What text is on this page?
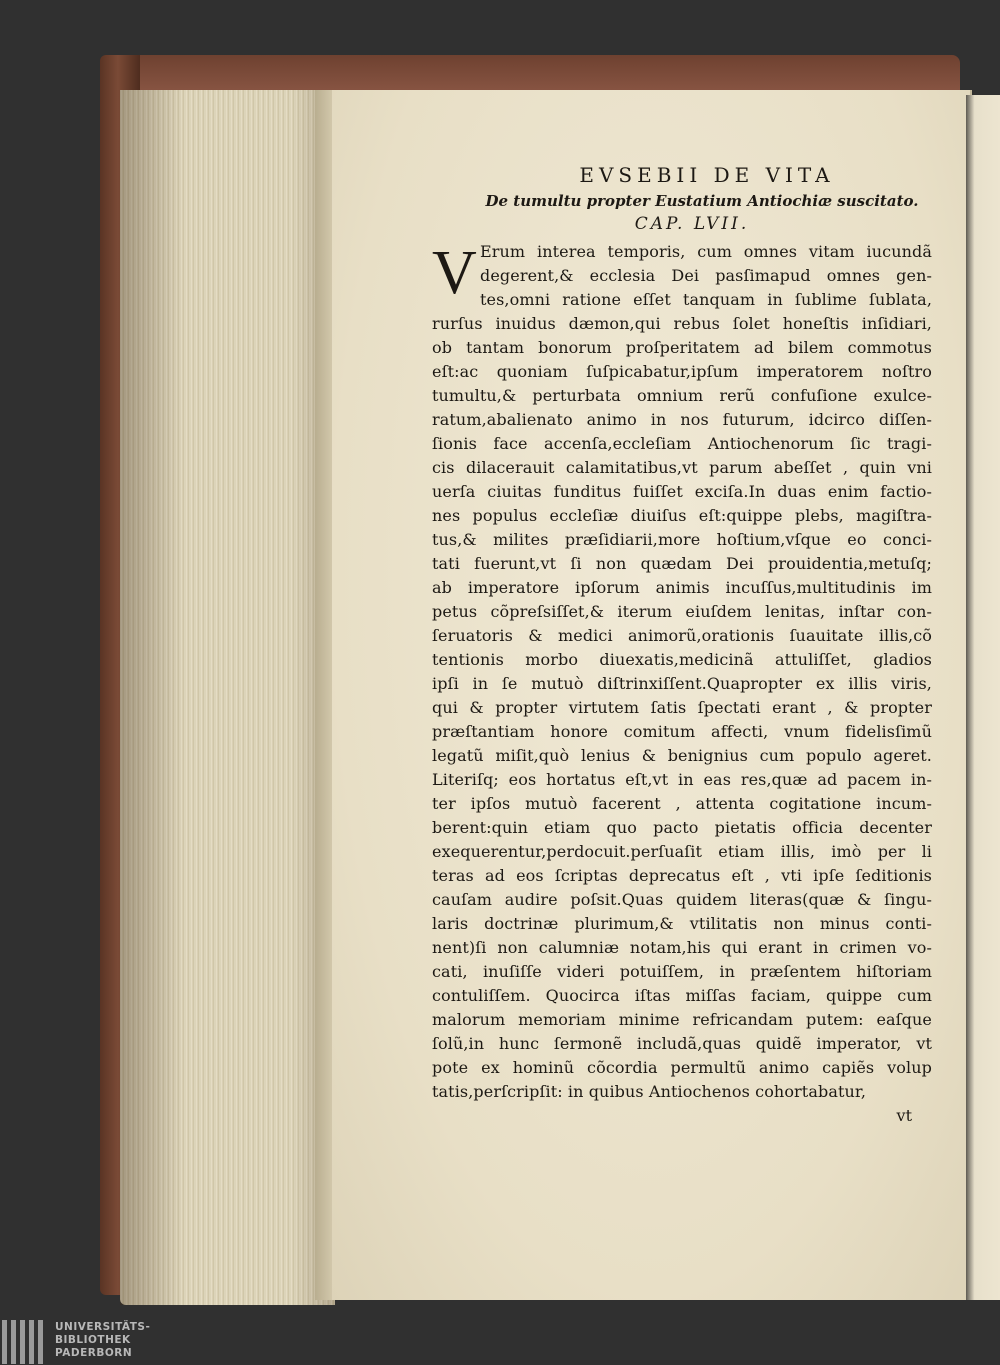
EVSEBII DE VITA
De tumultu propter Eustatium Antiochiæ suscitato.
CAP. LVII.
V Erum interea temporis, cum omnes vitam iucundã
degerent,& ecclesia Dei pasſimapud omnes gen-
tes,omni ratione eſſet tanquam in ſublime ſublata,
rurſus inuidus dæmon,qui rebus ſolet honeſtis inſidiari,
ob tantam bonorum proſperitatem ad bilem commotus
eſt:ac quoniam ſuſpicabatur,ipſum imperatorem noſtro
tumultu,& perturbata omnium rerũ confuſione exulce-
ratum,abalienato animo in nos futurum, idcirco diſſen-
ſionis face accenſa,eccleſiam Antiochenorum ſic tragi-
cis dilacerauit calamitatibus,vt parum abeſſet , quin vni
uerſa ciuitas funditus fuiſſet exciſa.In duas enim factio-
nes populus eccleſiæ diuiſus eſt:quippe plebs, magiſtra-
tus,& milites præſidiarii,more hoſtium,vſque eo conci-
tati fuerunt,vt ſi non quædam Dei prouidentia,metuſq;
ab imperatore ipſorum animis incuſſus,multitudinis im
petus cõpreſsiſſet,& iterum eiuſdem lenitas, inſtar con-
ſeruatoris & medici animorũ,orationis ſuauitate illis,cõ
tentionis morbo diuexatis,medicinã attuliſſet, gladios
ipſi in ſe mutuò diſtrinxiſſent.Quapropter ex illis viris,
qui & propter virtutem ſatis ſpectati erant , & propter
præſtantiam honore comitum affecti, vnum fidelisſimũ
legatũ miſit,quò lenius & benignius cum populo ageret.
Literiſq; eos hortatus eſt,vt in eas res,quæ ad pacem in-
ter ipſos mutuò facerent , attenta cogitatione incum-
berent:quin etiam quo pacto pietatis officia decenter
exequerentur,perdocuit.perſuaſit etiam illis, imò per li
teras ad eos ſcriptas deprecatus eſt , vti ipſe ſeditionis
cauſam audire poſsit.Quas quidem literas(quæ & ſingu-
laris doctrinæ plurimum,& vtilitatis non minus conti-
nent)ſi non calumniæ notam,his qui erant in crimen vo-
cati, inuſiſſe videri potuiſſem, in præſentem hiſtoriam
contuliſſem. Quocirca iſtas miſſas faciam, quippe cum
malorum memoriam minime refricandam putem: eaſque
ſolũ,in hunc ſermonẽ includã,quas quidẽ imperator, vt
pote ex hominũ cõcordia permultũ animo capiẽs volup
tatis,perſcripſit: in quibus Antiochenos cohortabatur,
vt
UNIVERSITÄTS-
BIBLIOTHEK
PADERBORN
